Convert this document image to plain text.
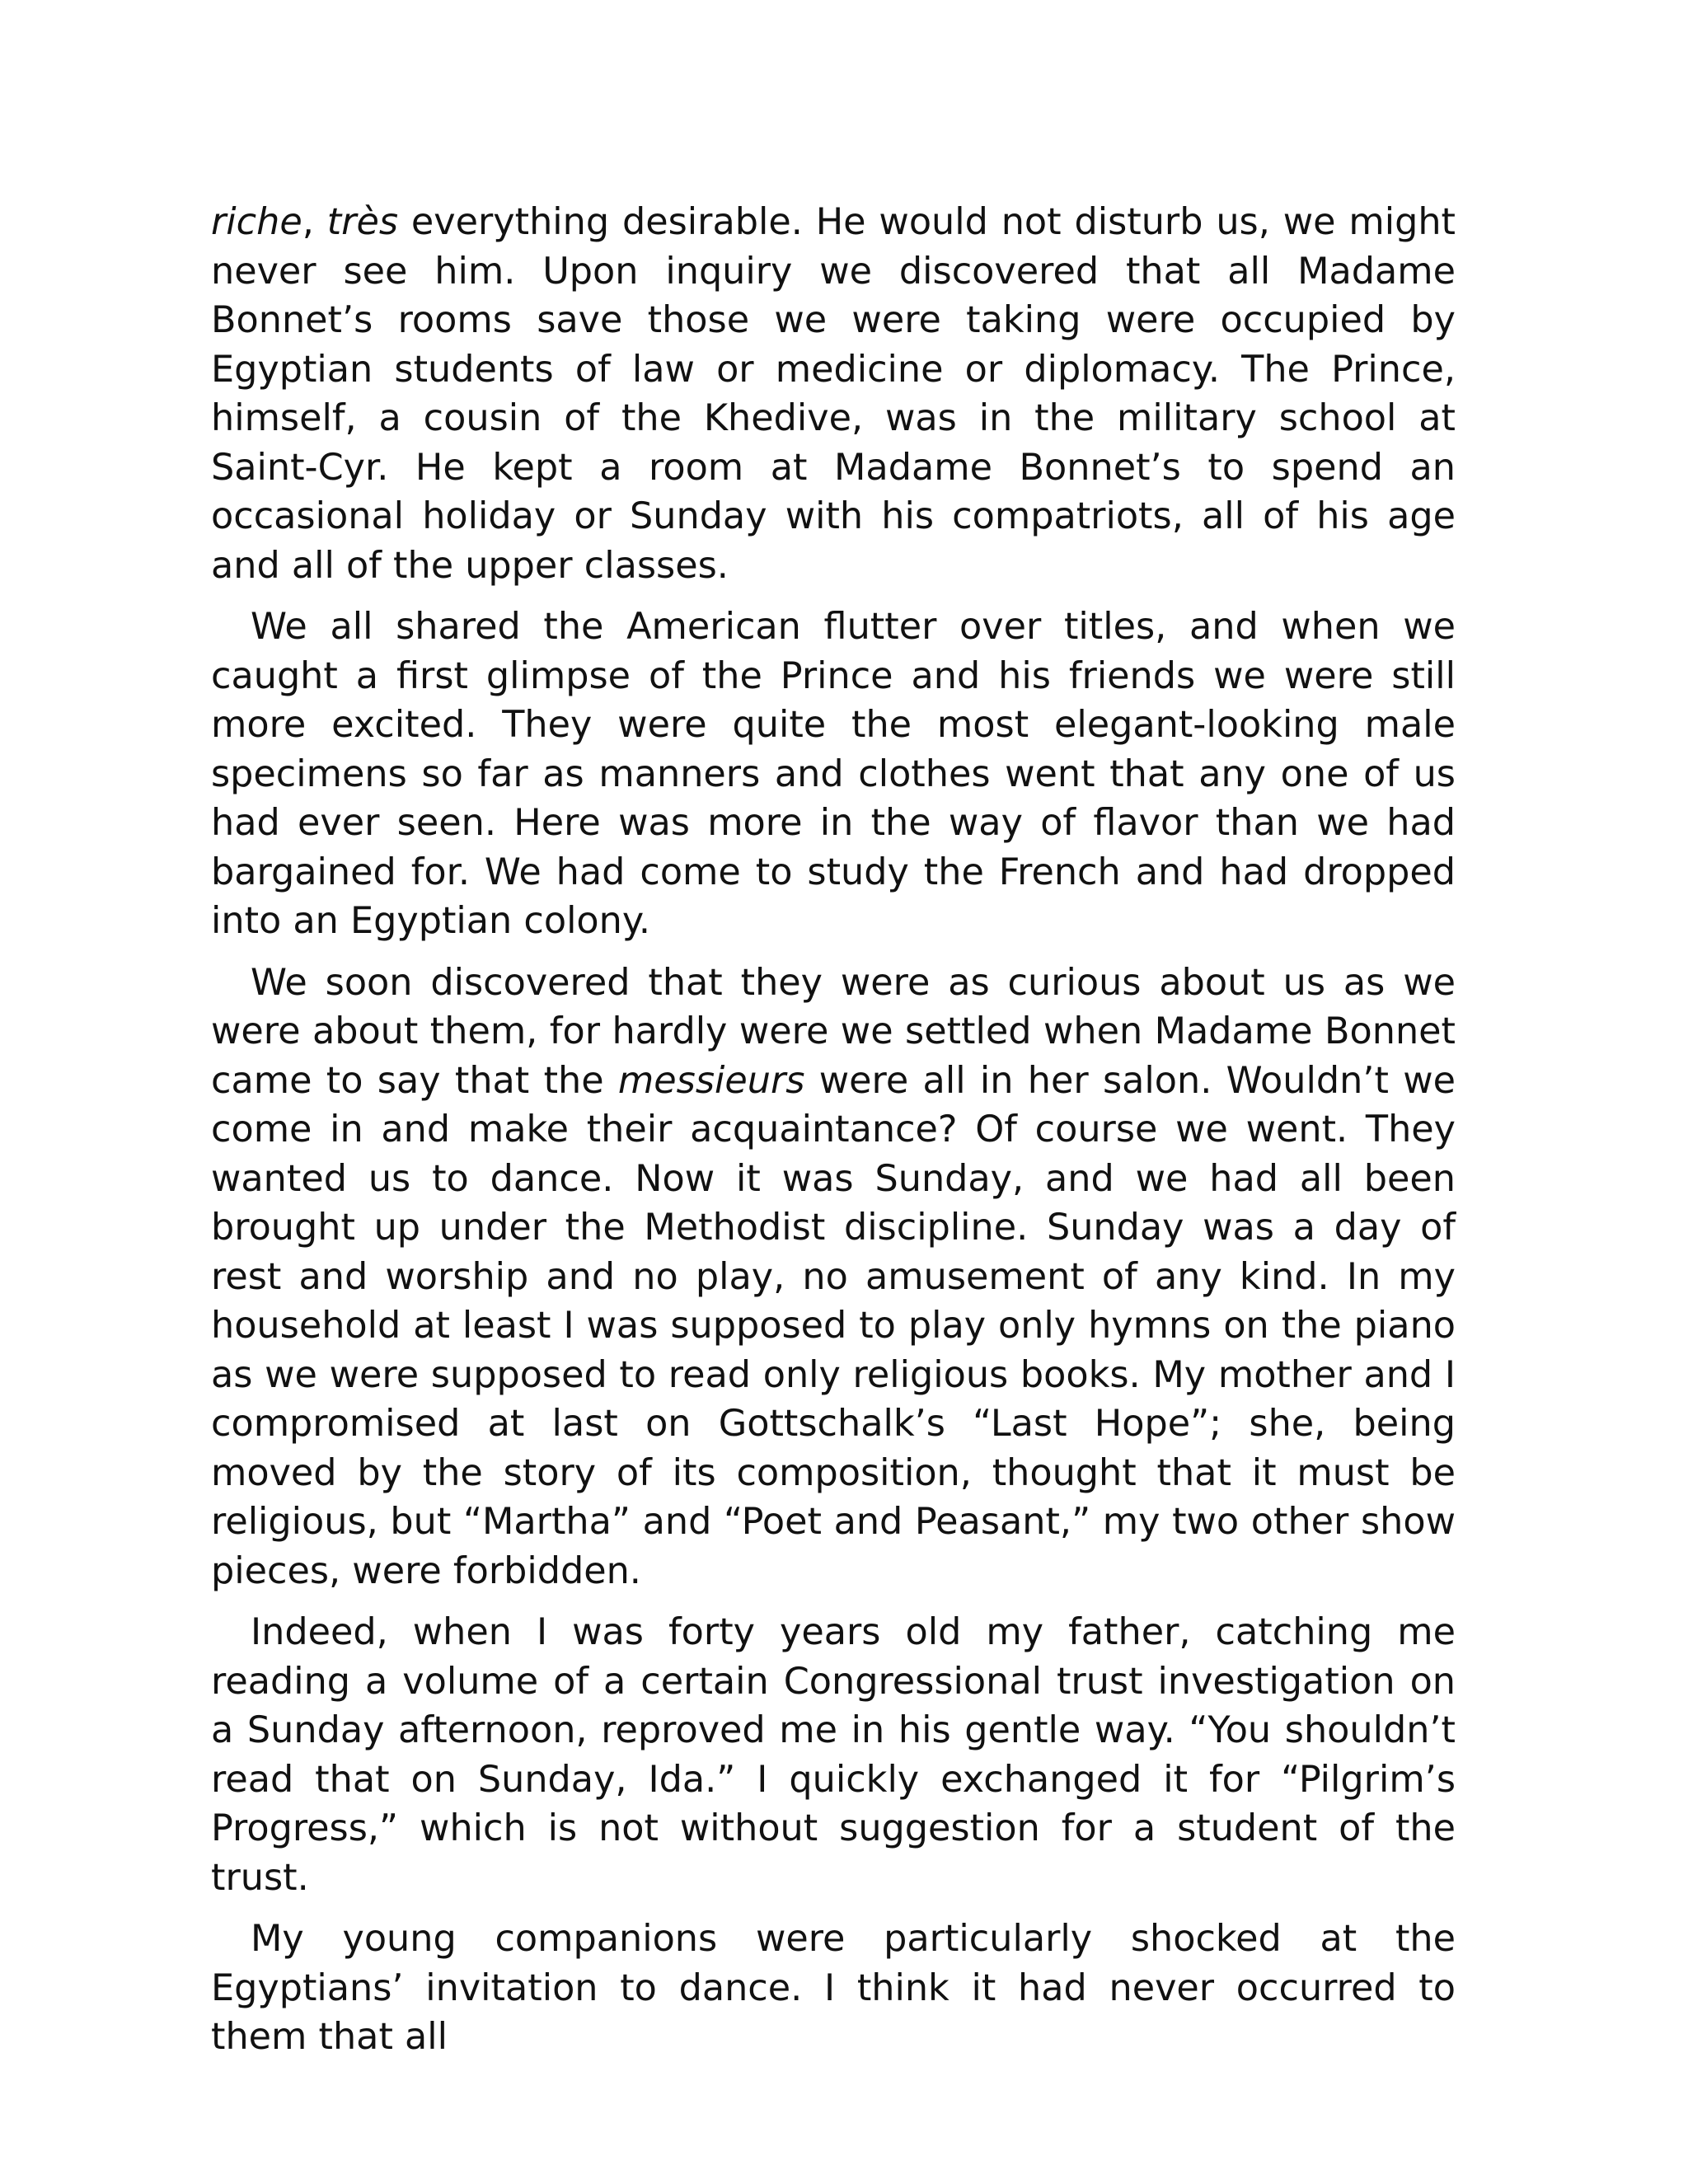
riche, très everything desirable. He would not disturb us, we might never see him. Upon inquiry we discovered that all Madame Bonnet’s rooms save those we were taking were occupied by Egyptian students of law or medicine or diplomacy. The Prince, himself, a cousin of the Khedive, was in the military school at Saint-Cyr. He kept a room at Madame Bonnet’s to spend an occasional holiday or Sunday with his compatriots, all of his age and all of the upper classes.

We all shared the American flutter over titles, and when we caught a first glimpse of the Prince and his friends we were still more excited. They were quite the most elegant-looking male specimens so far as manners and clothes went that any one of us had ever seen. Here was more in the way of flavor than we had bargained for. We had come to study the French and had dropped into an Egyptian colony.

We soon discovered that they were as curious about us as we were about them, for hardly were we settled when Madame Bonnet came to say that the messieurs were all in her salon. Wouldn’t we come in and make their acquaintance? Of course we went. They wanted us to dance. Now it was Sunday, and we had all been brought up under the Methodist discipline. Sunday was a day of rest and worship and no play, no amusement of any kind. In my household at least I was supposed to play only hymns on the piano as we were supposed to read only religious books. My mother and I compromised at last on Gottschalk’s “Last Hope”; she, being moved by the story of its composition, thought that it must be religious, but “Martha” and “Poet and Peasant,” my two other show pieces, were forbidden.

Indeed, when I was forty years old my father, catching me reading a volume of a certain Congressional trust investigation on a Sunday afternoon, reproved me in his gentle way. “You shouldn’t read that on Sunday, Ida.” I quickly exchanged it for “Pilgrim’s Progress,” which is not without suggestion for a student of the trust.

My young companions were particularly shocked at the Egyptians’ invitation to dance. I think it had never occurred to them that all
